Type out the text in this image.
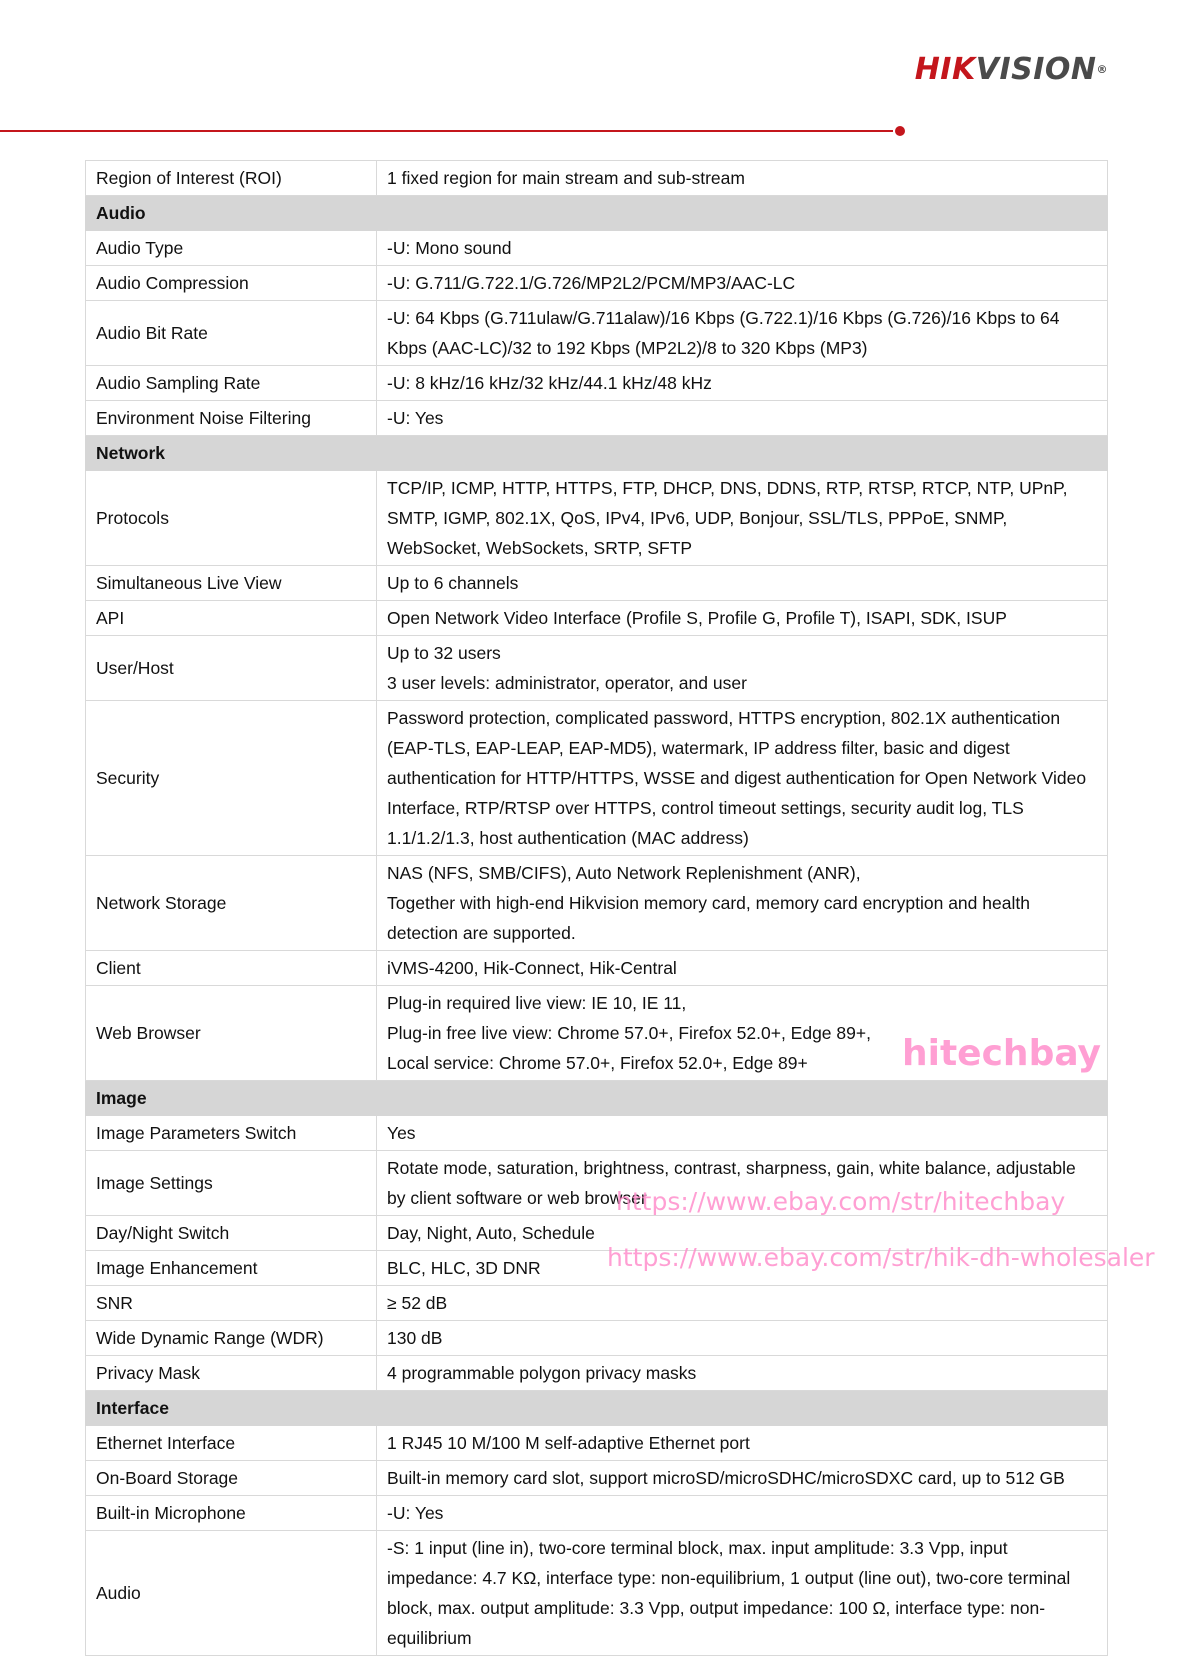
HIKVISION®
Region of Interest (ROI)	1 fixed region for main stream and sub-stream

Audio	
Audio Type	-U: Mono sound

Audio Compression	-U: G.711/G.722.1/G.726/MP2L2/PCM/MP3/AAC-LC

Audio Bit Rate	-U: 64 Kbps (G.711ulaw/G.711alaw)/16 Kbps (G.722.1)/16 Kbps (G.726)/16 Kbps to 64 Kbps (AAC-LC)/32 to 192 Kbps (MP2L2)/8 to 320 Kbps (MP3)

Audio Sampling Rate	-U: 8 kHz/16 kHz/32 kHz/44.1 kHz/48 kHz

Environment Noise Filtering	-U: Yes

Network	
Protocols	TCP/IP, ICMP, HTTP, HTTPS, FTP, DHCP, DNS, DDNS, RTP, RTSP, RTCP, NTP, UPnP, SMTP, IGMP, 802.1X, QoS, IPv4, IPv6, UDP, Bonjour, SSL/TLS, PPPoE, SNMP, WebSocket, WebSockets, SRTP, SFTP

Simultaneous Live View	Up to 6 channels

API	Open Network Video Interface (Profile S, Profile G, Profile T), ISAPI, SDK, ISUP

User/Host	Up to 32 users
3 user levels: administrator, operator, and user

Security	Password protection, complicated password, HTTPS encryption, 802.1X authentication (EAP-TLS, EAP-LEAP, EAP-MD5), watermark, IP address filter, basic and digest authentication for HTTP/HTTPS, WSSE and digest authentication for Open Network Video Interface, RTP/RTSP over HTTPS, control timeout settings, security audit log, TLS 1.1/1.2/1.3, host authentication (MAC address)

Network Storage	NAS (NFS, SMB/CIFS), Auto Network Replenishment (ANR),
Together with high-end Hikvision memory card, memory card encryption and health detection are supported.

Client	iVMS-4200, Hik-Connect, Hik-Central

Web Browser	Plug-in required live view: IE 10, IE 11,
Plug-in free live view: Chrome 57.0+, Firefox 52.0+, Edge 89+,
Local service: Chrome 57.0+, Firefox 52.0+, Edge 89+

Image	
Image Parameters Switch	Yes

Image Settings	Rotate mode, saturation, brightness, contrast, sharpness, gain, white balance, adjustable by client software or web browser

Day/Night Switch	Day, Night, Auto, Schedule

Image Enhancement	BLC, HLC, 3D DNR

SNR	≥ 52 dB

Wide Dynamic Range (WDR)	130 dB

Privacy Mask	4 programmable polygon privacy masks

Interface	
Ethernet Interface	1 RJ45 10 M/100 M self-adaptive Ethernet port

On-Board Storage	Built-in memory card slot, support microSD/microSDHC/microSDXC card, up to 512 GB

Built-in Microphone	-U: Yes

Audio	-S: 1 input (line in), two-core terminal block, max. input amplitude: 3.3 Vpp, input impedance: 4.7 KΩ, interface type: non-equilibrium, 1 output (line out), two-core terminal block, max. output amplitude: 3.3 Vpp, output impedance: 100 Ω, interface type: non-equilibrium
hitechbay
https://www.ebay.com/str/hitechbay
https://www.ebay.com/str/hik-dh-wholesaler
